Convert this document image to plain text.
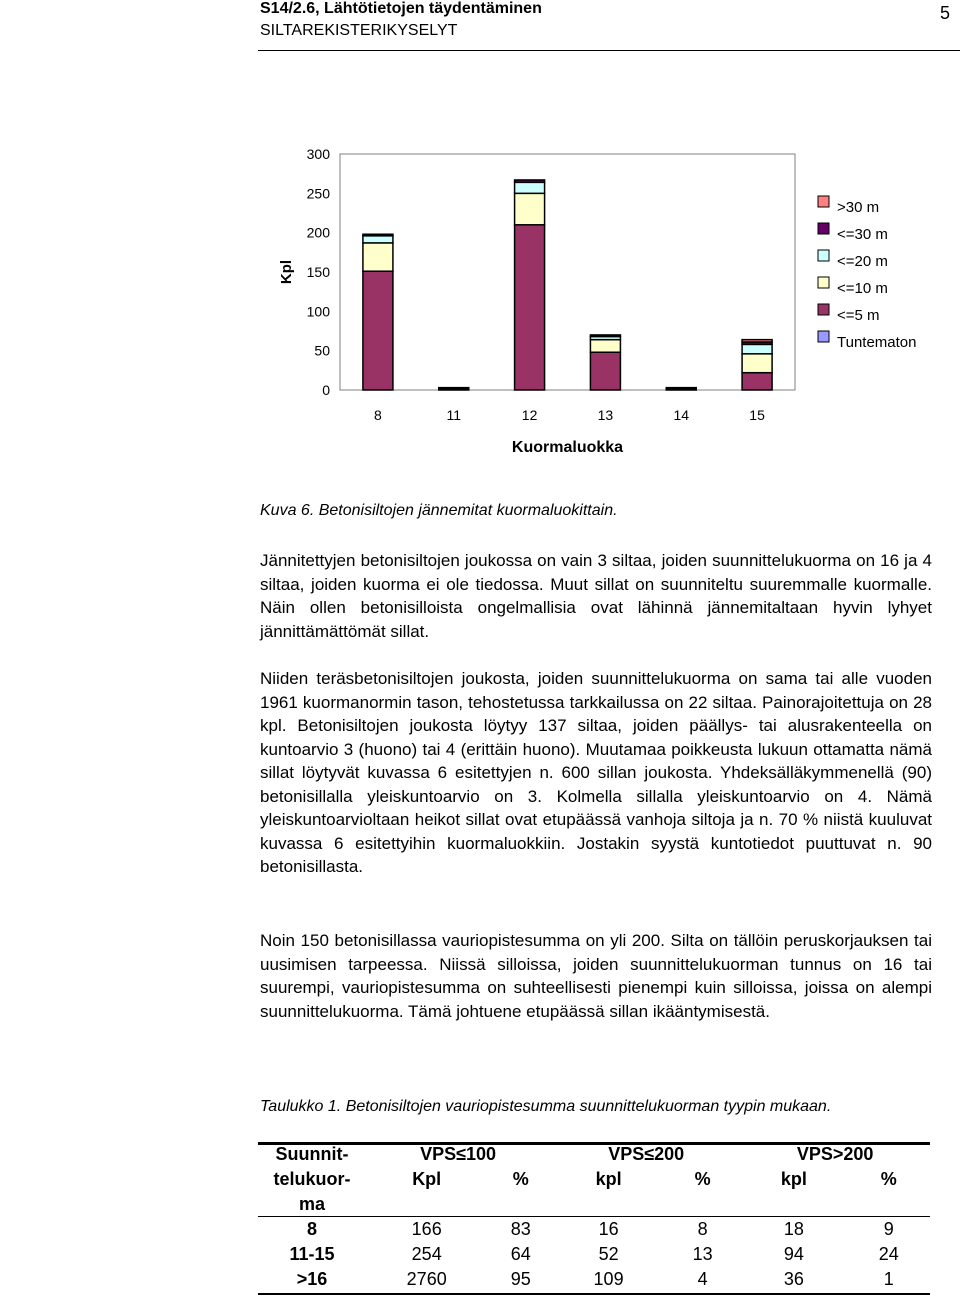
S14/2.6, Lähtötietojen täydentäminen
SILTAREKISTERIKYSELYT
5
0
50
100
150
200
250
300
Kpl
8	11	12	13	14	15
Kuormaluokka
>30 m
<=30 m
<=20 m
<=10 m
<=5 m
Tuntematon
Kuva 6. Betonisiltojen jännemitat kuormaluokittain.
Jännitettyjen betonisiltojen joukossa on vain 3 siltaa, joiden suunnittelukuorma on 16 ja 4 siltaa, joiden kuorma ei ole tiedossa. Muut sillat on suunniteltu suuremmalle kuormalle. Näin ollen betonisilloista ongelmallisia ovat lähinnä jännemitaltaan hyvin lyhyet jännittämättömät sillat.
Niiden teräsbetonisiltojen joukosta, joiden suunnittelukuorma on sama tai alle vuoden 1961 kuormanormin tason, tehostetussa tarkkailussa on 22 siltaa. Painorajoitettuja on 28 kpl. Betonisiltojen joukosta löytyy 137 siltaa, joiden päällys- tai alusrakenteella on kuntoarvio 3 (huono) tai 4 (erittäin huono). Muutamaa poikkeusta lukuun ottamatta nämä sillat löytyvät kuvassa 6 esitettyjen n. 600 sillan joukosta. Yhdeksälläkymmenellä (90) betonisillalla yleiskuntoarvio on 3. Kolmella sillalla yleiskuntoarvio on 4. Nämä yleiskuntoarvioltaan heikot sillat ovat etupäässä vanhoja siltoja ja n. 70 % niistä kuuluvat kuvassa 6 esitettyihin kuormaluokkiin. Jostakin syystä kuntotiedot puuttuvat n. 90 betonisillasta.
Noin 150 betonisillassa vauriopistesumma on yli 200. Silta on tällöin peruskorjauksen tai uusimisen tarpeessa. Niissä silloissa, joiden suunnittelukuorman tunnus on 16 tai suurempi, vauriopistesumma on suhteellisesti pienempi kuin silloissa, joissa on alempi suunnittelukuorma. Tämä johtuene etupäässä sillan ikääntymisestä.
Taulukko 1. Betonisiltojen vauriopistesumma suunnittelukuorman tyypin mukaan.
Suunnit-	VPS≤100		VPS≤200		VPS>200	
telukuor-	Kpl	%	kpl	%	kpl	%
ma						
8	166	83	16	8	18	9
11-15	254	64	52	13	94	24
>16	2760	95	109	4	36	1
